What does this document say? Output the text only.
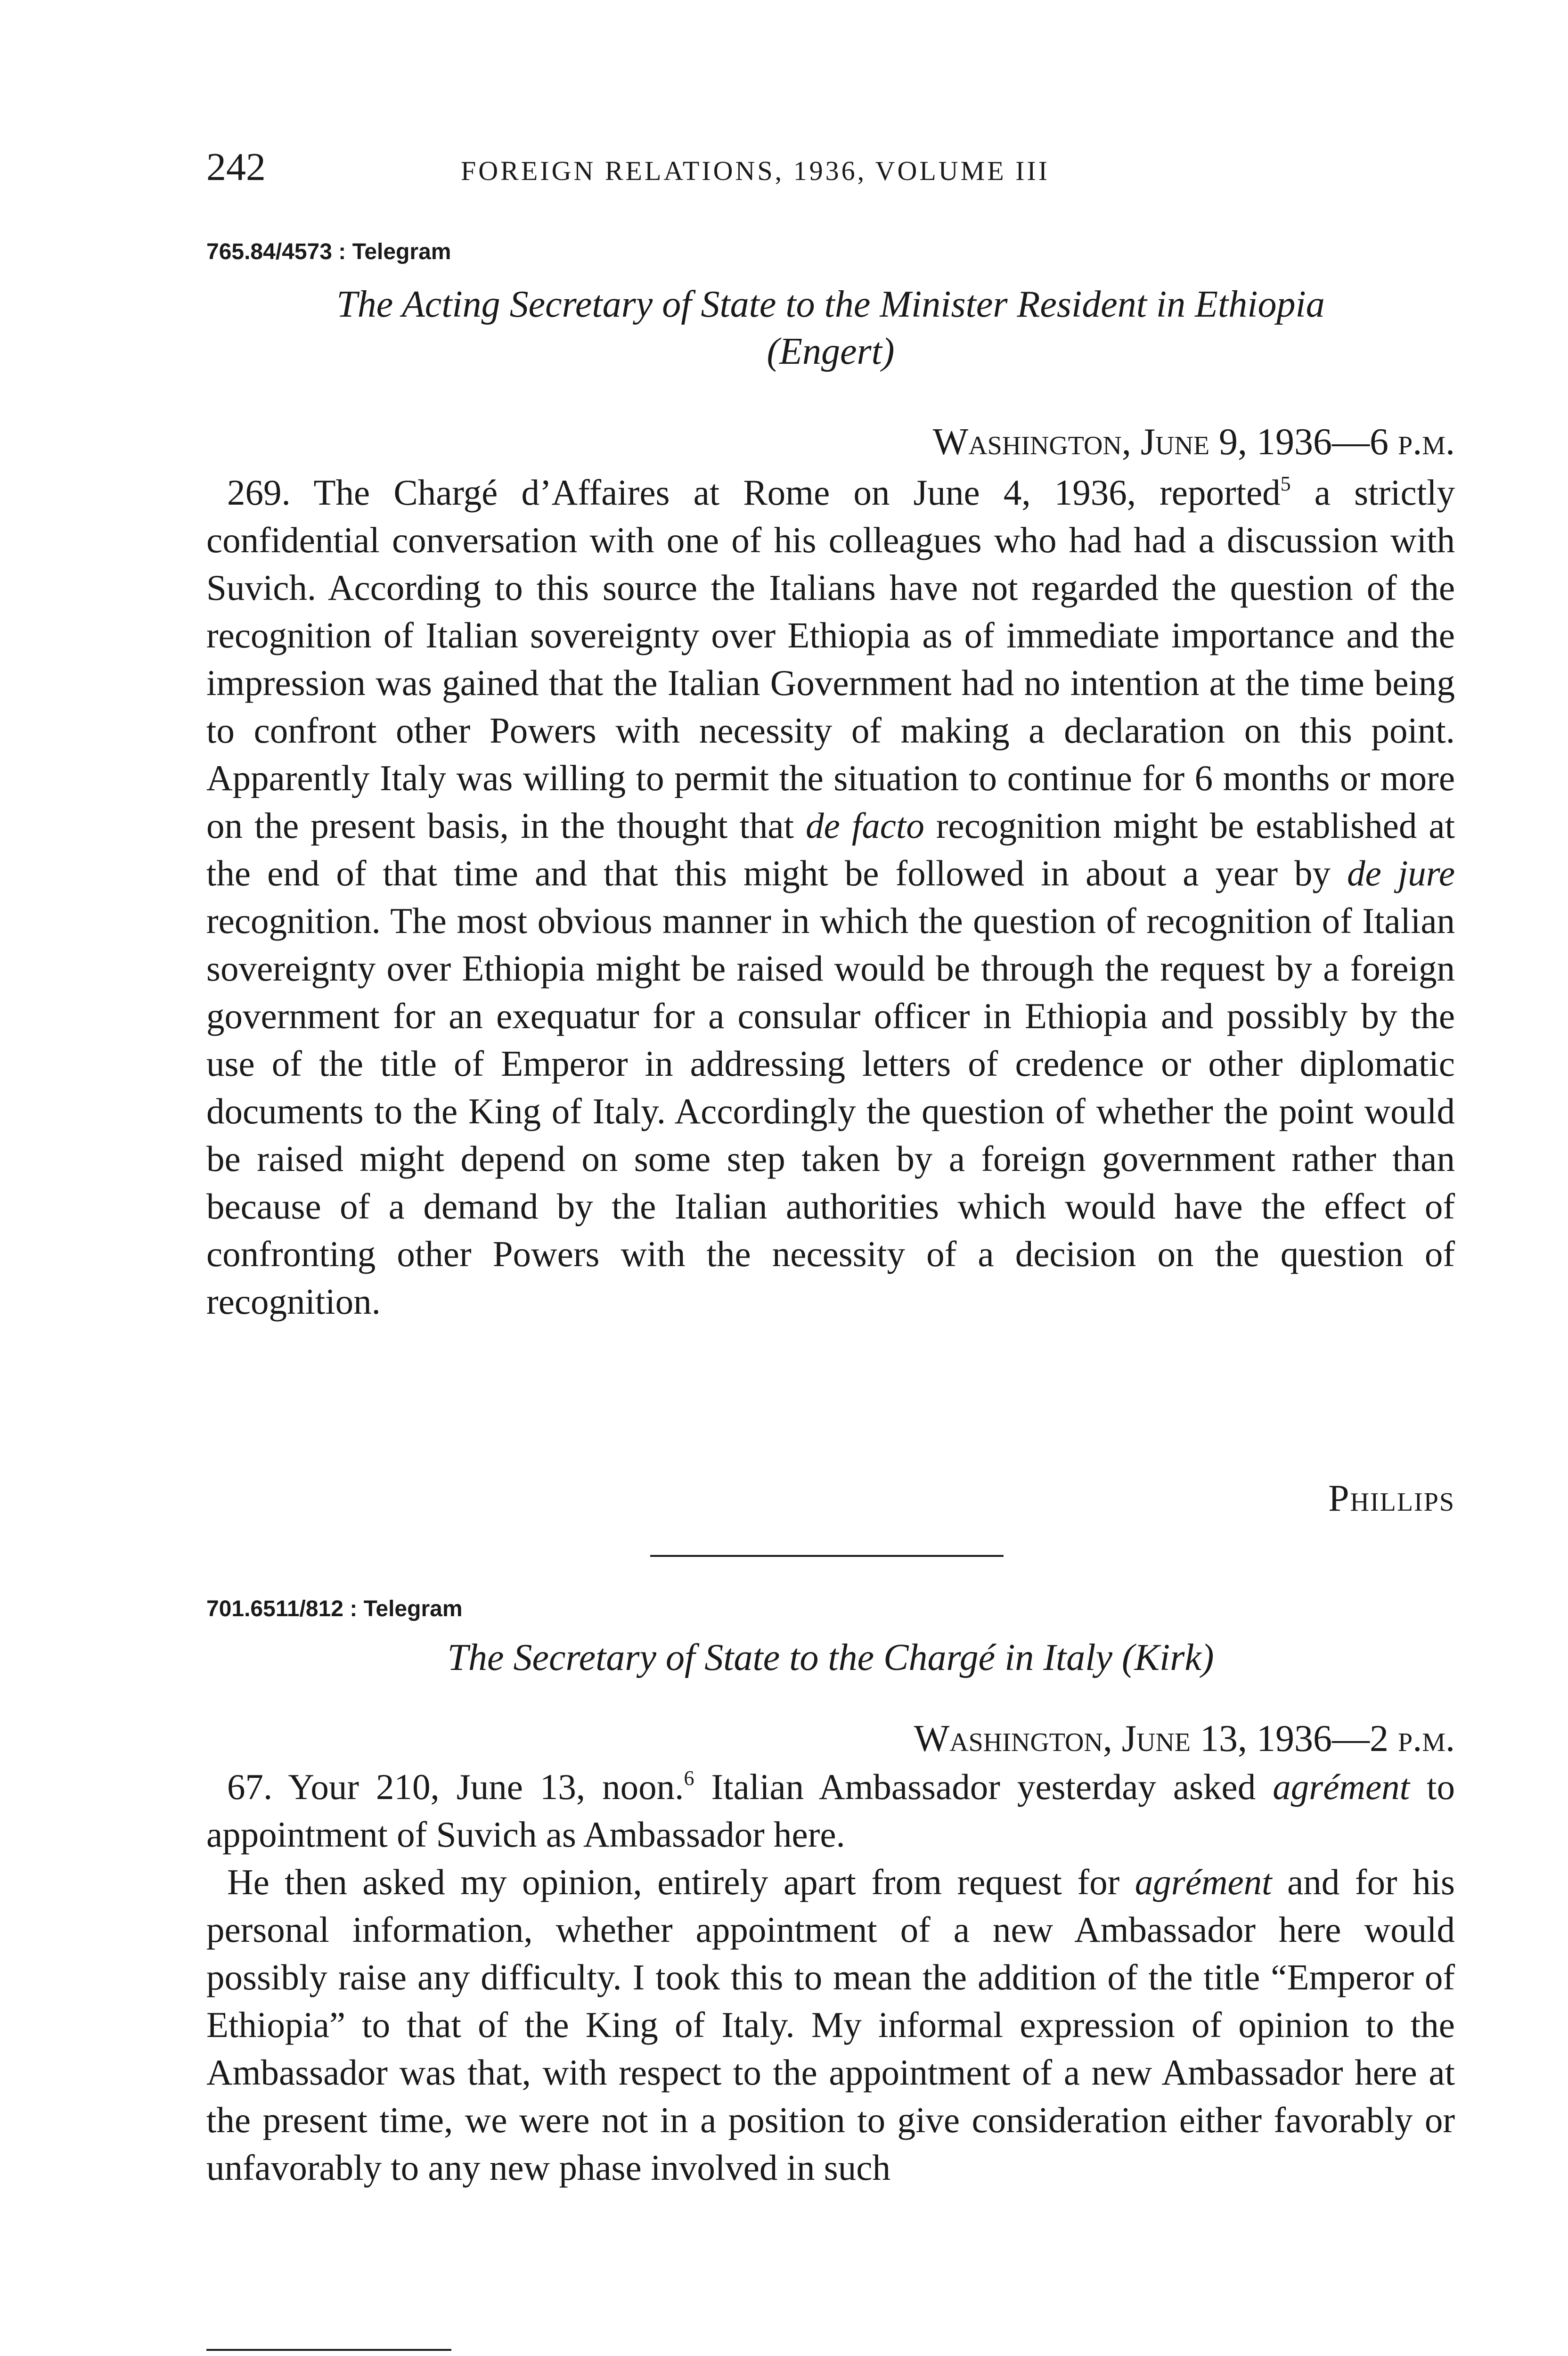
242	FOREIGN RELATIONS, 1936, VOLUME III
765.84/4573 : Telegram
The Acting Secretary of State to the Minister Resident in Ethiopia
(Engert)
Washington, June 9, 1936—6 p.m.

269. The Chargé d’Affaires at Rome on June 4, 1936, reported$^5$ a strictly confidential conversation with one of his colleagues who had had a discussion with Suvich. According to this source the Italians have not regarded the question of the recognition of Italian sovereignty over Ethiopia as of immediate importance and the impression was gained that the Italian Government had no intention at the time being to confront other Powers with necessity of making a declaration on this point. Apparently Italy was willing to permit the situation to continue for 6 months or more on the present basis, in the thought that de facto recognition might be established at the end of that time and that this might be followed in about a year by de jure recognition. The most obvious manner in which the question of recognition of Italian sovereignty over Ethiopia might be raised would be through the request by a foreign government for an exequatur for a consular officer in Ethiopia and possibly by the use of the title of Emperor in addressing letters of credence or other diplomatic documents to the King of Italy. Accordingly the question of whether the point would be raised might depend on some step taken by a foreign government rather than because of a demand by the Italian authorities which would have the effect of confronting other Powers with the necessity of a decision on the question of recognition.

Phillips
701.6511/812 : Telegram
The Secretary of State to the Chargé in Italy (Kirk)
Washington, June 13, 1936—2 p.m.

67. Your 210, June 13, noon.$^6$ Italian Ambassador yesterday asked agrément to appointment of Suvich as Ambassador here.

He then asked my opinion, entirely apart from request for agrément and for his personal information, whether appointment of a new Ambassador here would possibly raise any difficulty. I took this to mean the addition of the title “Emperor of Ethiopia” to that of the King of Italy. My informal expression of opinion to the Ambassador was that, with respect to the appointment of a new Ambassador here at the present time, we were not in a position to give consideration either favorably or unfavorably to any new phase involved in such
